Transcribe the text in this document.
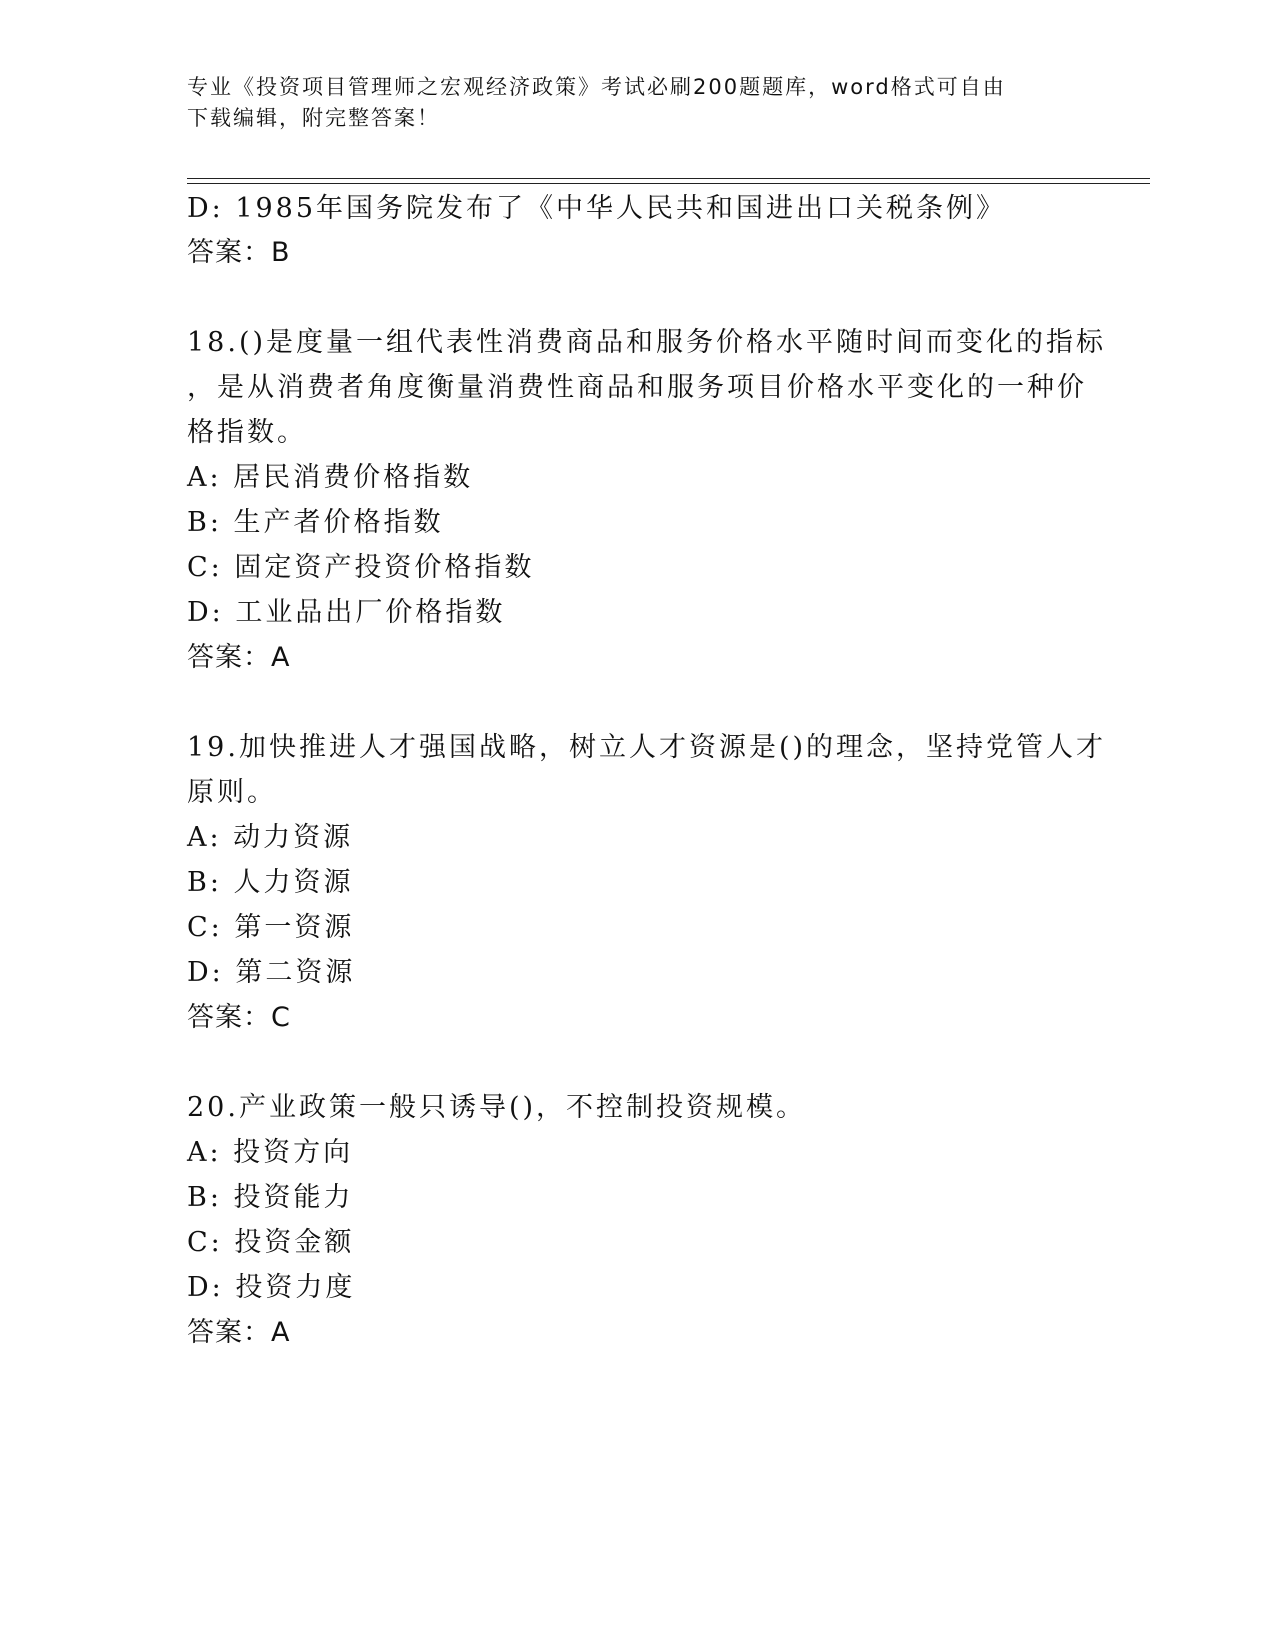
专业《投资项目管理师之宏观经济政策》考试必刷200题题库，word格式可自由
下载编辑，附完整答案！
D: 1985年国务院发布了《中华人民共和国进出口关税条例》
答案：B
18.()是度量一组代表性消费商品和服务价格水平随时间而变化的指标
，是从消费者角度衡量消费性商品和服务项目价格水平变化的一种价
格指数。
A: 居民消费价格指数
B: 生产者价格指数
C: 固定资产投资价格指数
D: 工业品出厂价格指数
答案：A
19.加快推进人才强国战略，树立人才资源是()的理念，坚持党管人才
原则。
A: 动力资源
B: 人力资源
C: 第一资源
D: 第二资源
答案：C
20.产业政策一般只诱导()，不控制投资规模。
A: 投资方向
B: 投资能力
C: 投资金额
D: 投资力度
答案：A
